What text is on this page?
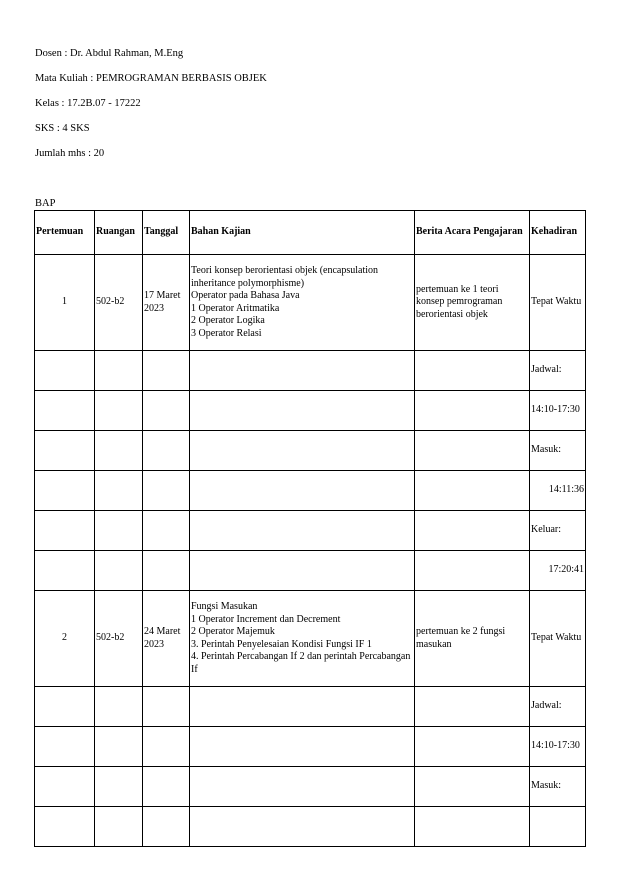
Dosen : Dr. Abdul Rahman, M.Eng

Mata Kuliah : PEMROGRAMAN BERBASIS OBJEK

Kelas : 17.2B.07 - 17222

SKS : 4 SKS

Jumlah mhs : 20

BAP
Pertemuan	Ruangan	Tanggal	Bahan Kajian	Berita Acara Pengajaran	Kehadiran
1	502-b2	17 Maret 2023	Teori konsep berorientasi objek (encapsulation inheritance polymorphisme)
Operator pada Bahasa Java
1 Operator Aritmatika
2 Operator Logika
3 Operator Relasi	pertemuan ke 1 teori konsep pemrograman berorientasi objek	Tepat Waktu
					Jadwal:
					14:10-17:30
					Masuk:
					14:11:36
					Keluar:
					17:20:41
2	502-b2	24 Maret 2023	Fungsi Masukan
1 Operator Increment dan Decrement
2 Operator Majemuk
3. Perintah Penyelesaian Kondisi Fungsi IF 1
4. Perintah Percabangan If 2 dan perintah Percabangan If	pertemuan ke 2 fungsi masukan	Tepat Waktu
					Jadwal:
					14:10-17:30
					Masuk:
